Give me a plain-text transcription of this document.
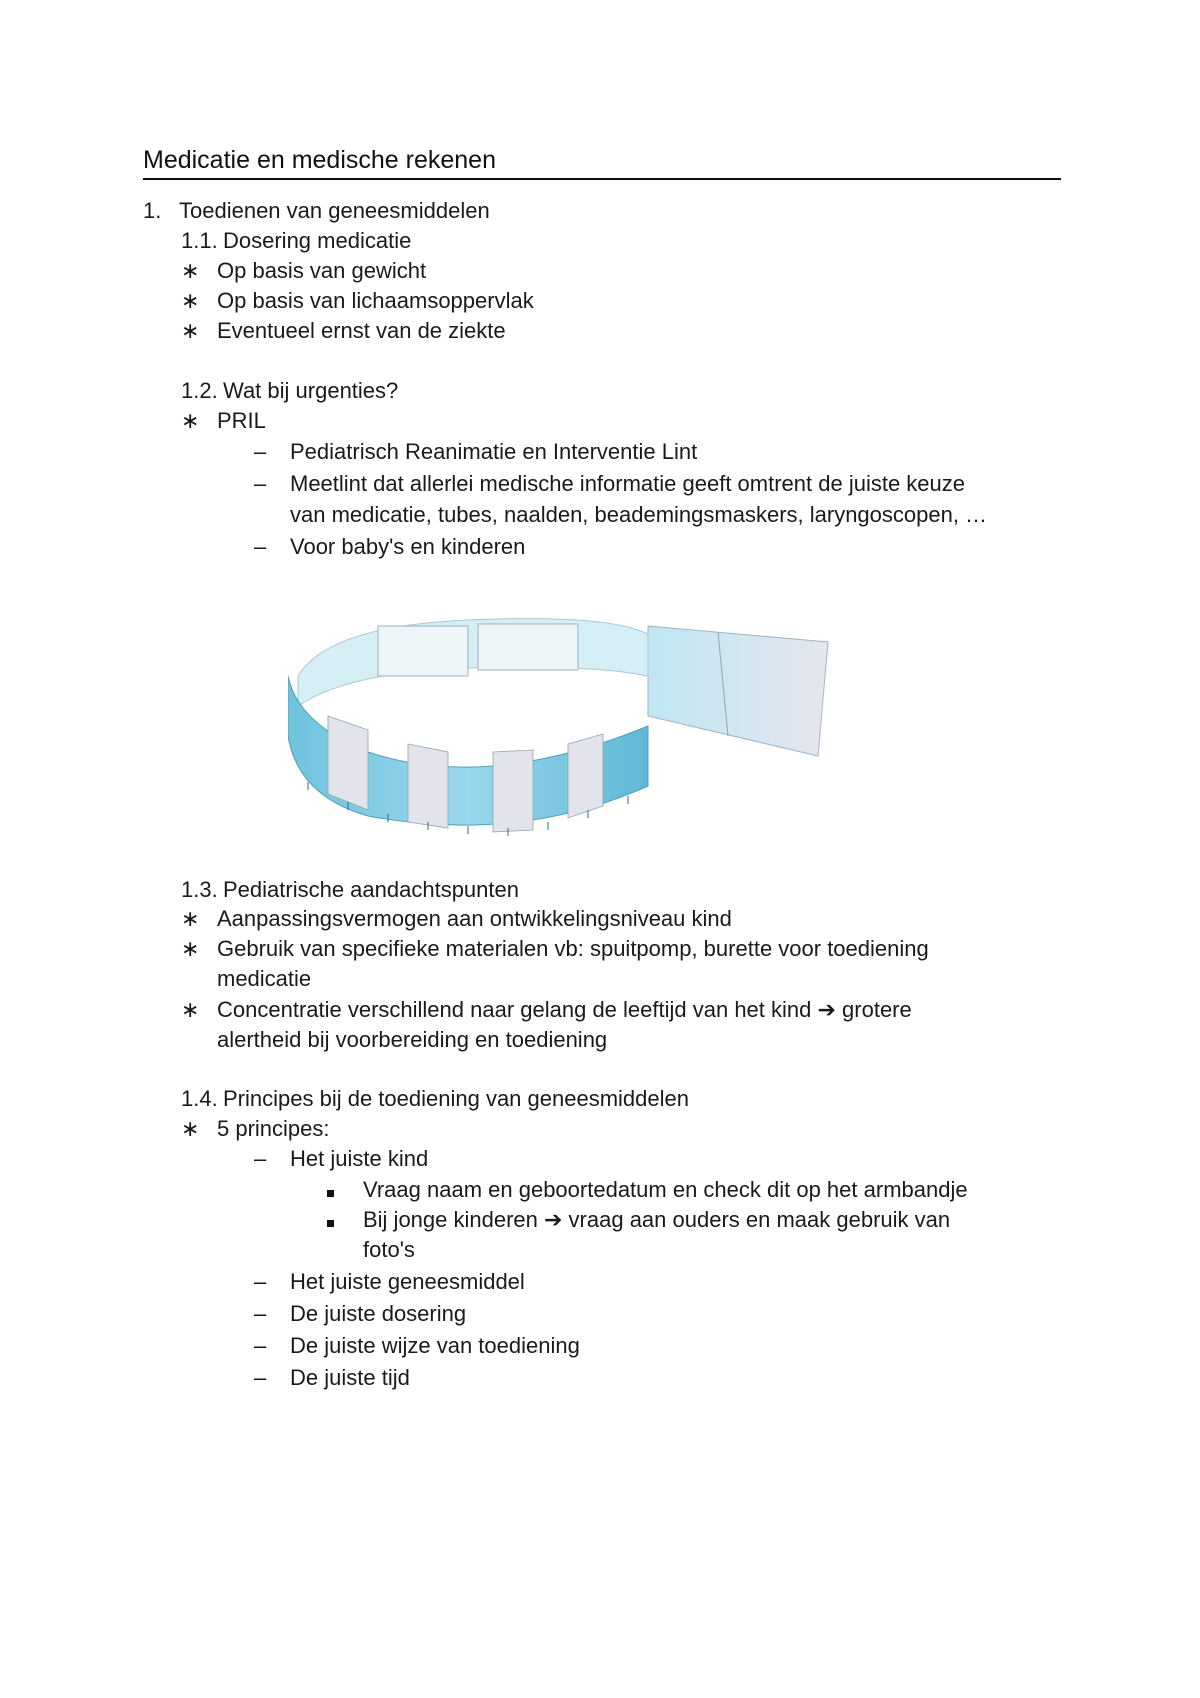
Medicatie en medische rekenen
1. Toedienen van geneesmiddelen
1.1. Dosering medicatie
∗ Op basis van gewicht
∗ Op basis van lichaamsoppervlak
∗ Eventueel ernst van de ziekte
1.2. Wat bij urgenties?
∗ PRIL
– Pediatrisch Reanimatie en Interventie Lint
– Meetlint dat allerlei medische informatie geeft omtrent de juiste keuze
van medicatie, tubes, naalden, beademingsmaskers, laryngoscopen, …
– Voor baby's en kinderen
1.3. Pediatrische aandachtspunten
∗ Aanpassingsvermogen aan ontwikkelingsniveau kind
∗ Gebruik van specifieke materialen vb: spuitpomp, burette voor toediening
medicatie
∗ Concentratie verschillend naar gelang de leeftijd van het kind ➔ grotere
alertheid bij voorbereiding en toediening
1.4. Principes bij de toediening van geneesmiddelen
∗ 5 principes:
– Het juiste kind
Vraag naam en geboortedatum en check dit op het armbandje
Bij jonge kinderen ➔ vraag aan ouders en maak gebruik van
foto's
– Het juiste geneesmiddel
– De juiste dosering
– De juiste wijze van toediening
– De juiste tijd
